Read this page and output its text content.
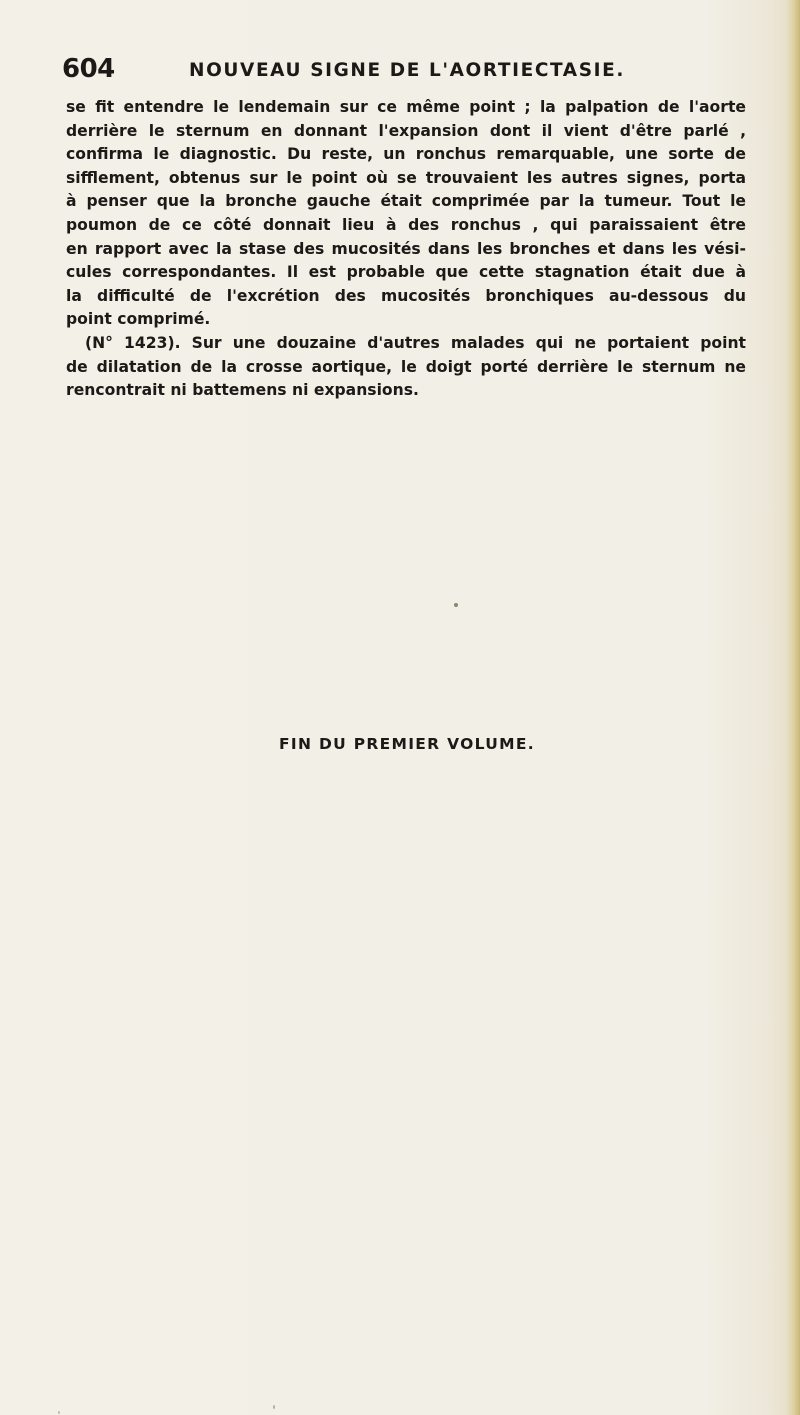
604	NOUVEAU SIGNE DE L'AORTIECTASIE.
se fit entendre le lendemain sur ce même point ; la palpation de l'aorte
derrière le sternum en donnant l'expansion dont il vient d'être parlé ,
confirma le diagnostic. Du reste, un ronchus remarquable, une sorte de
sifflement, obtenus sur le point où se trouvaient les autres signes, porta
à penser que la bronche gauche était comprimée par la tumeur. Tout le
poumon de ce côté donnait lieu à des ronchus , qui paraissaient être
en rapport avec la stase des mucosités dans les bronches et dans les vési-
cules correspondantes. Il est probable que cette stagnation était due à
la difficulté de l'excrétion des mucosités bronchiques au-dessous du
point comprimé.
(N° 1423). Sur une douzaine d'autres malades qui ne portaient point
de dilatation de la crosse aortique, le doigt porté derrière le sternum ne
rencontrait ni battemens ni expansions.
FIN DU PREMIER VOLUME.
